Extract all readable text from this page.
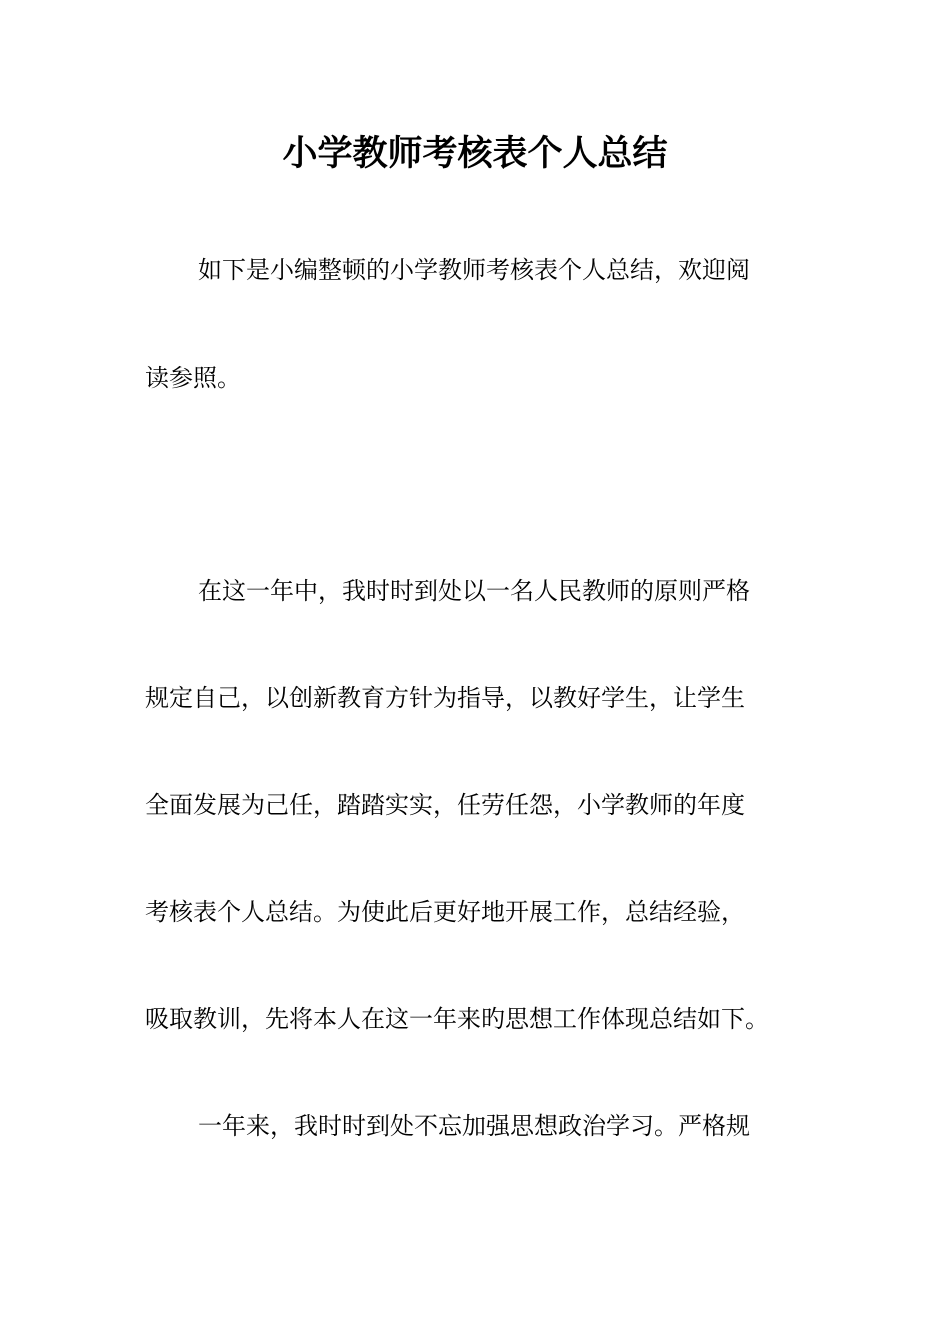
小学教师考核表个人总结
如下是小编整顿的小学教师考核表个人总结，欢迎阅
读参照。
在这一年中，我时时到处以一名人民教师的原则严格
规定自己，以创新教育方针为指导，以教好学生，让学生
全面发展为己任，踏踏实实，任劳任怨，小学教师的年度
考核表个人总结。为使此后更好地开展工作，总结经验，
吸取教训，先将本人在这一年来旳思想工作体现总结如下。
一年来，我时时到处不忘加强思想政治学习。严格规
